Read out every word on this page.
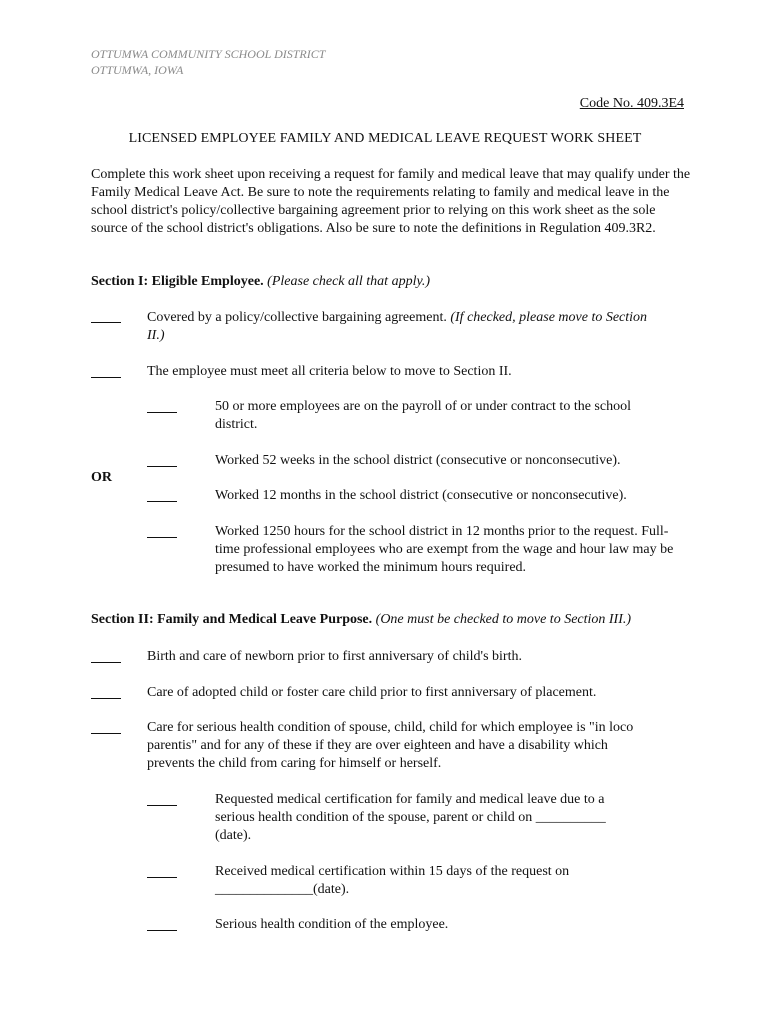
OTTUMWA COMMUNITY SCHOOL DISTRICT
OTTUMWA, IOWA
Code No. 409.3E4
LICENSED EMPLOYEE FAMILY AND MEDICAL LEAVE REQUEST WORK SHEET
Complete this work sheet upon receiving a request for family and medical leave that may qualify under the Family Medical Leave Act. Be sure to note the requirements relating to family and medical leave in the school district's policy/collective bargaining agreement prior to relying on this work sheet as the sole source of the school district's obligations. Also be sure to note the definitions in Regulation 409.3R2.
Section I: Eligible Employee. (Please check all that apply.)
Covered by a policy/collective bargaining agreement. (If checked, please move to Section II.)
The employee must meet all criteria below to move to Section II.
50 or more employees are on the payroll of or under contract to the school district.
Worked 52 weeks in the school district (consecutive or nonconsecutive).
Worked 12 months in the school district (consecutive or nonconsecutive).
Worked 1250 hours for the school district in 12 months prior to the request. Full-time professional employees who are exempt from the wage and hour law may be presumed to have worked the minimum hours required.
OR
Section II: Family and Medical Leave Purpose. (One must be checked to move to Section III.)
Birth and care of newborn prior to first anniversary of child's birth.
Care of adopted child or foster care child prior to first anniversary of placement.
Care for serious health condition of spouse, child, child for which employee is "in loco parentis" and for any of these if they are over eighteen and have a disability which prevents the child from caring for himself or herself.
Requested medical certification for family and medical leave due to a serious health condition of the spouse, parent or child on __________ (date).
Received medical certification within 15 days of the request on ______________(date).
Serious health condition of the employee.
